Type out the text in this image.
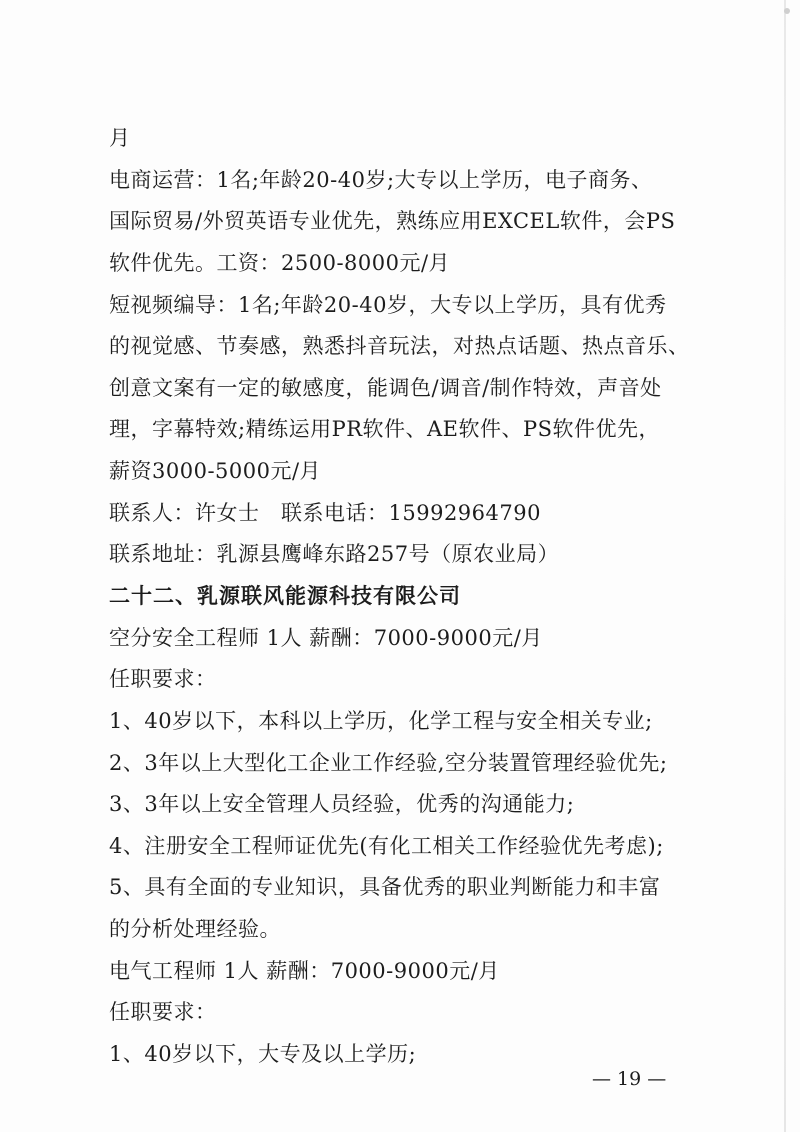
月
电商运营：1名;年龄20-40岁;大专以上学历，电子商务、
国际贸易/外贸英语专业优先，熟练应用EXCEL软件，会PS
软件优先。工资：2500-8000元/月
短视频编导：1名;年龄20-40岁，大专以上学历，具有优秀
的视觉感、节奏感，熟悉抖音玩法，对热点话题、热点音乐、
创意文案有一定的敏感度，能调色/调音/制作特效，声音处
理，字幕特效;精练运用PR软件、AE软件、PS软件优先，
薪资3000-5000元/月
联系人：许女士　联系电话：15992964790
联系地址：乳源县鹰峰东路257号（原农业局）
二十二、乳源联风能源科技有限公司
空分安全工程师 1人 薪酬：7000-9000元/月
任职要求：
1、40岁以下，本科以上学历，化学工程与安全相关专业;
2、3年以上大型化工企业工作经验,空分装置管理经验优先;
3、3年以上安全管理人员经验，优秀的沟通能力;
4、注册安全工程师证优先(有化工相关工作经验优先考虑);
5、具有全面的专业知识，具备优秀的职业判断能力和丰富
的分析处理经验。
电气工程师 1人 薪酬：7000-9000元/月
任职要求：
1、40岁以下，大专及以上学历;
— 19 —
